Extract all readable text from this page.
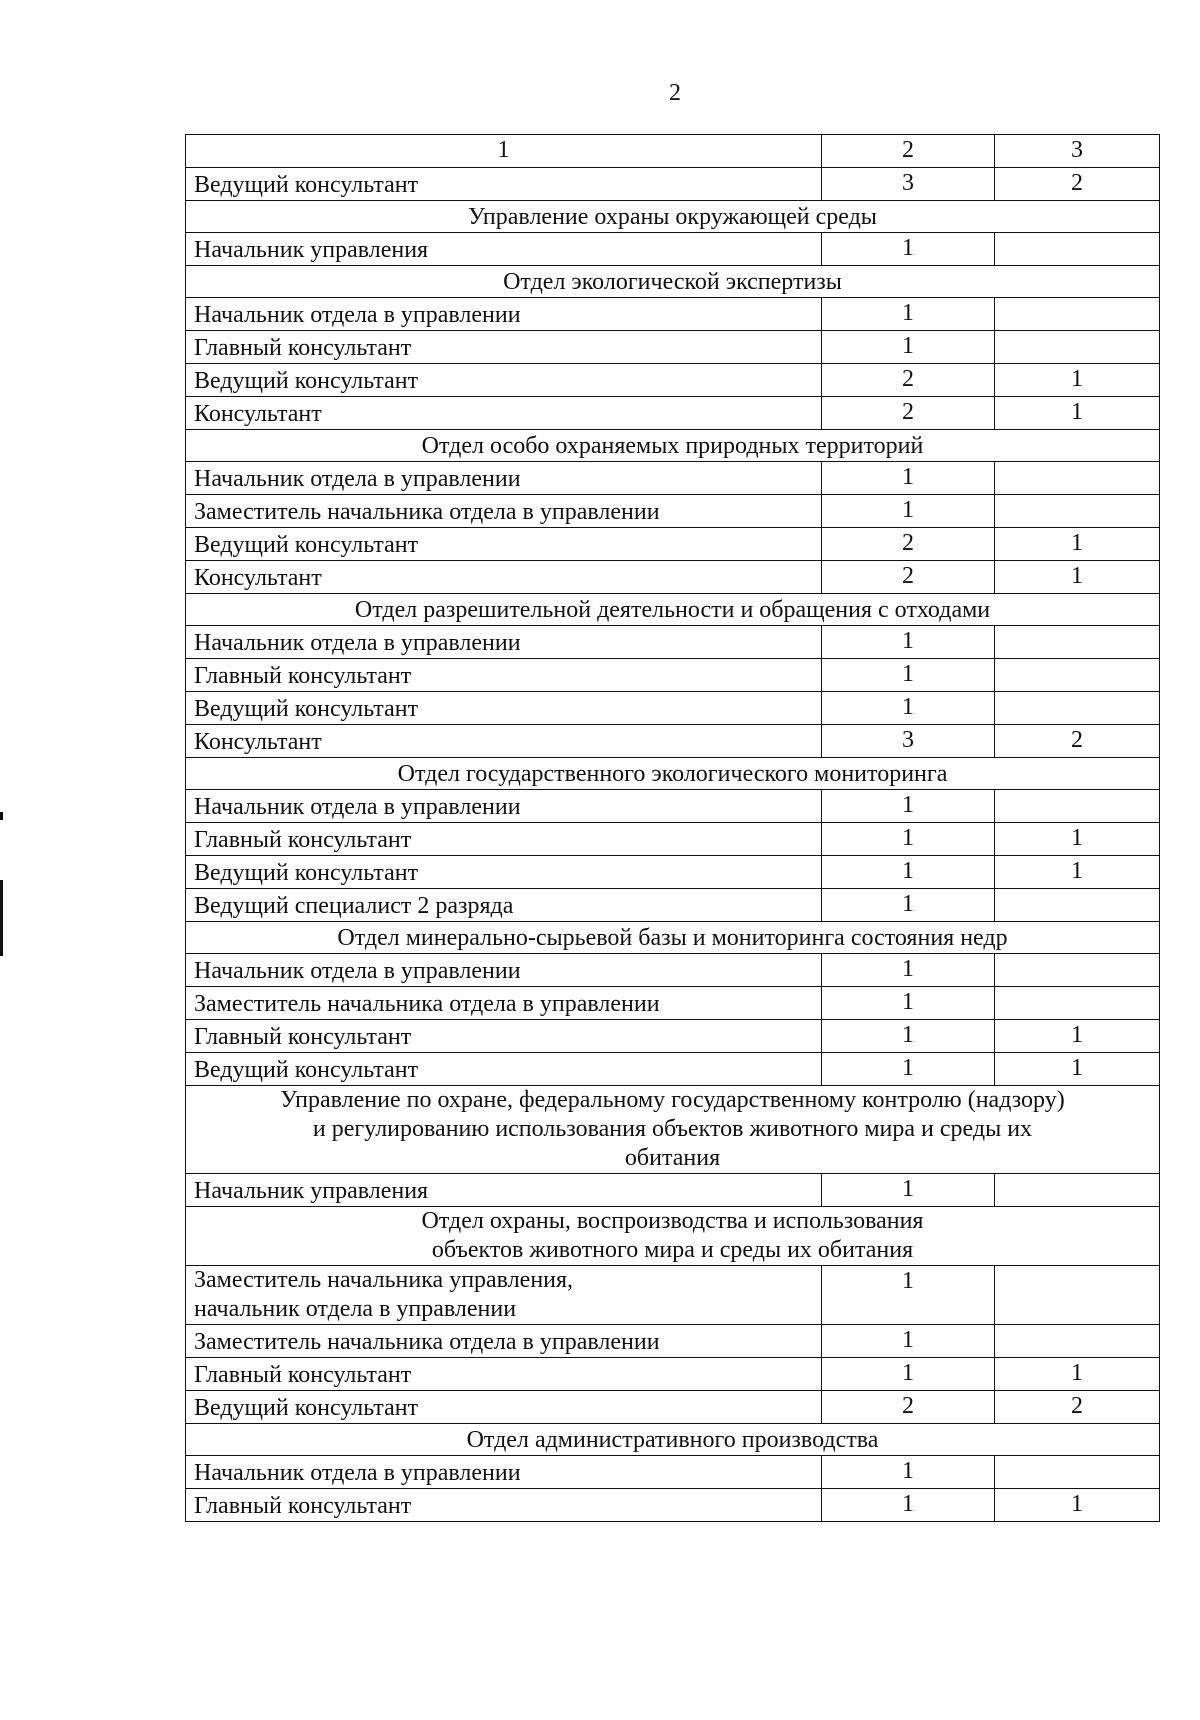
2
1	2	3
Ведущий консультант	3	2
Управление охраны окружающей среды		
Начальник управления	1	
Отдел экологической экспертизы		
Начальник отдела в управлении	1	
Главный консультант	1	
Ведущий консультант	2	1
Консультант	2	1
Отдел особо охраняемых природных территорий		
Начальник отдела в управлении	1	
Заместитель начальника отдела в управлении	1	
Ведущий консультант	2	1
Консультант	2	1
Отдел разрешительной деятельности и обращения с отходами		
Начальник отдела в управлении	1	
Главный консультант	1	
Ведущий консультант	1	
Консультант	3	2
Отдел государственного экологического мониторинга		
Начальник отдела в управлении	1	
Главный консультант	1	1
Ведущий консультант	1	1
Ведущий специалист 2 разряда	1	
Отдел минерально-сырьевой базы и мониторинга состояния недр		
Начальник отдела в управлении	1	
Заместитель начальника отдела в управлении	1	
Главный консультант	1	1
Ведущий консультант	1	1

Управление по охране, федеральному государственному контролю (надзору)
и регулированию использования объектов животного мира и среды их
обитания		

Начальник управления	1	

Отдел охраны, воспроизводства и использования
объектов животного мира и среды их обитания		

Заместитель начальника управления,
начальник отдела в управлении	1	
Заместитель начальника отдела в управлении	1	
Главный консультант	1	1
Ведущий консультант	2	2
Отдел административного производства		
Начальник отдела в управлении	1	
Главный консультант	1	1
